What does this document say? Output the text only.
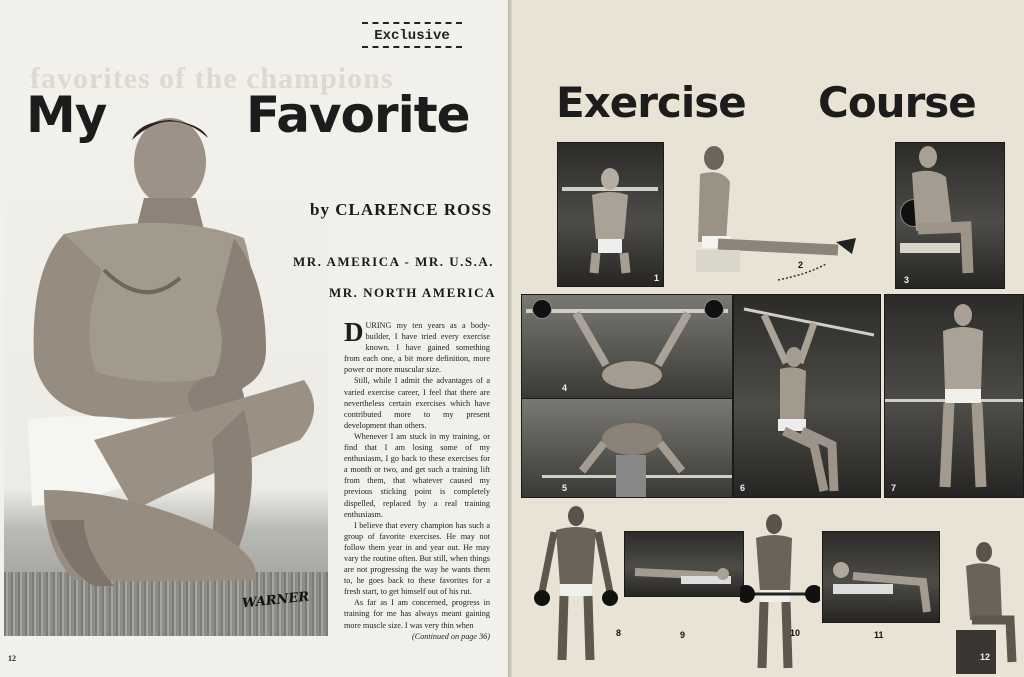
favorites of the champions
Exclusive
WARNER
My	Favorite
by CLARENCE ROSS
MR. AMERICA - MR. U.S.A.
MR. NORTH AMERICA

DURING my ten years as a body-builder, I have tried every exercise known. I have gained something from each one, a bit more definition, more power or more muscular size.

Still, while I admit the advantages of a varied exercise career, I feel that there are nevertheless certain exercises which have contributed more to my present development than others.

Whenever I am stuck in my training, or find that I am losing some of my enthusiasm, I go back to these exercises for a month or two, and get such a training lift from them, that whatever caused my previous sticking point is completely dispelled, replaced by a real training enthusiasm.

I believe that every champion has such a group of favorite exercises. He may not follow them year in and year out. He may vary the routine often. But still, when things are not progressing the way he wants them to, he goes back to these favorites for a fresh start, to get himself out of his rut.

As far as I am concerned, progress in training for me has always meant gaining more muscle size. I was very thin when

(Continued on page 36)
12
Exercise Course
1
2
3
4
5	6	7
8	9	10	11
12
